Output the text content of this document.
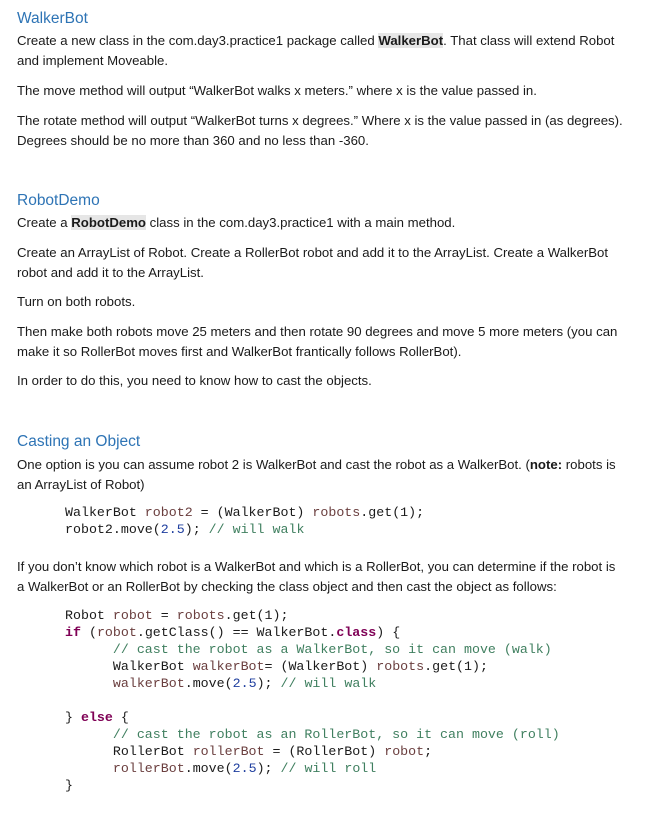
WalkerBot
Create a new class in the com.day3.practice1 package called WalkerBot. That class will extend Robot
and implement Moveable.
The move method will output “WalkerBot walks x meters.” where x is the value passed in.
The rotate method will output “WalkerBot turns x degrees.” Where x is the value passed in (as degrees).
Degrees should be no more than 360 and no less than -360.
RobotDemo
Create a RobotDemo class in the com.day3.practice1 with a main method.
Create an ArrayList of Robot. Create a RollerBot robot and add it to the ArrayList. Create a WalkerBot
robot and add it to the ArrayList.
Turn on both robots.
Then make both robots move 25 meters and then rotate 90 degrees and move 5 more meters (you can
make it so RollerBot moves first and WalkerBot frantically follows RollerBot).
In order to do this, you need to know how to cast the objects.
Casting an Object
One option is you can assume robot 2 is WalkerBot and cast the robot as a WalkerBot. (note: robots is
an ArrayList of Robot)
WalkerBot robot2 = (WalkerBot) robots.get(1);
robot2.move(2.5); // will walk
If you don’t know which robot is a WalkerBot and which is a RollerBot, you can determine if the robot is
a WalkerBot or an RollerBot by checking the class object and then cast the object as follows:
Robot robot = robots.get(1);
if (robot.getClass() == WalkerBot.class) {
// cast the robot as a WalkerBot, so it can move (walk)
WalkerBot walkerBot= (WalkerBot) robots.get(1);
walkerBot.move(2.5); // will walk

} else {
// cast the robot as an RollerBot, so it can move (roll)
RollerBot rollerBot = (RollerBot) robot;
rollerBot.move(2.5); // will roll
}
